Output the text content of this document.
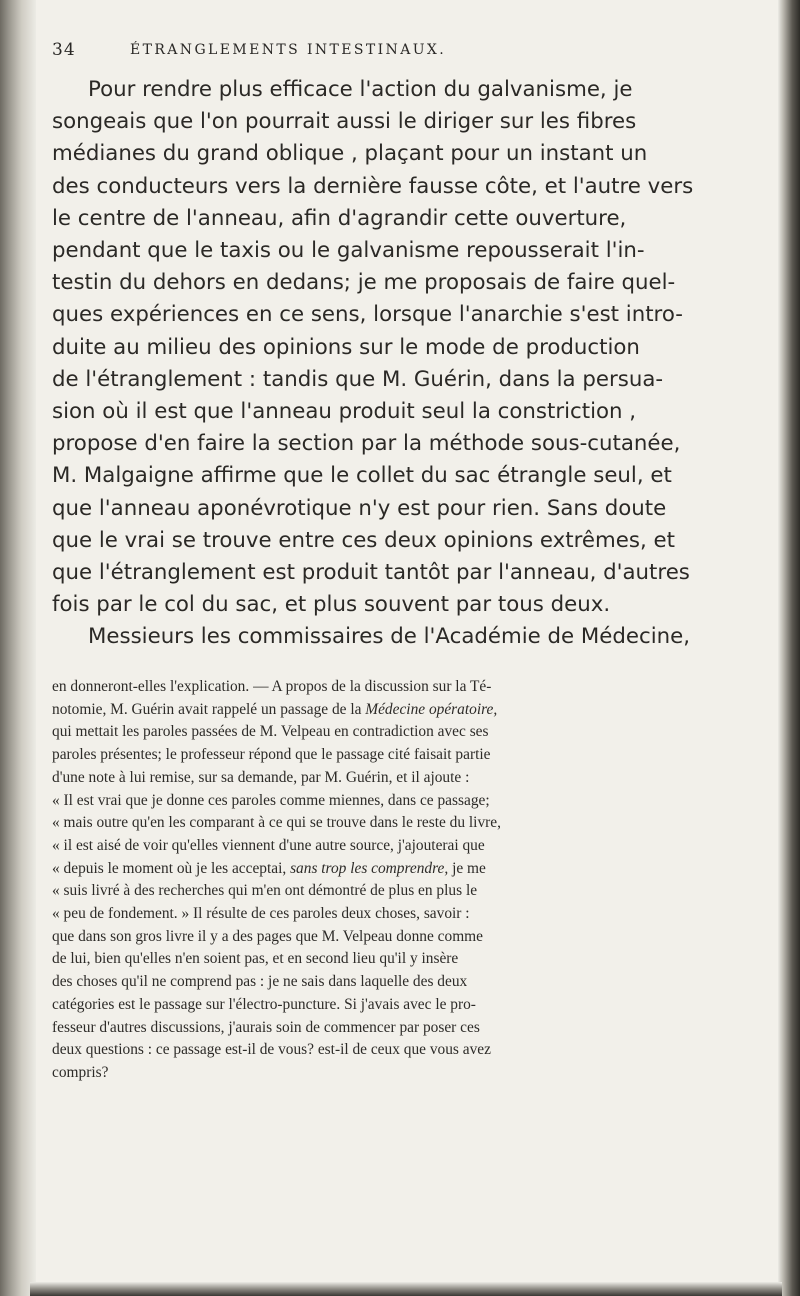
34	ÉTRANGLEMENTS INTESTINAUX.
Pour rendre plus efficace l'action du galvanisme, je
songeais que l'on pourrait aussi le diriger sur les fibres
médianes du grand oblique , plaçant pour un instant un
des conducteurs vers la dernière fausse côte, et l'autre vers
le centre de l'anneau, afin d'agrandir cette ouverture,
pendant que le taxis ou le galvanisme repousserait l'in-
testin du dehors en dedans; je me proposais de faire quel-
ques expériences en ce sens, lorsque l'anarchie s'est intro-
duite au milieu des opinions sur le mode de production
de l'étranglement : tandis que M. Guérin, dans la persua-
sion où il est que l'anneau produit seul la constriction ,
propose d'en faire la section par la méthode sous-cutanée,
M. Malgaigne affirme que le collet du sac étrangle seul, et
que l'anneau aponévrotique n'y est pour rien. Sans doute
que le vrai se trouve entre ces deux opinions extrêmes, et
que l'étranglement est produit tantôt par l'anneau, d'autres
fois par le col du sac, et plus souvent par tous deux.
Messieurs les commissaires de l'Académie de Médecine,
en donneront-elles l'explication. — A propos de la discussion sur la Té-
notomie, M. Guérin avait rappelé un passage de la Médecine opératoire,
qui mettait les paroles passées de M. Velpeau en contradiction avec ses
paroles présentes; le professeur répond que le passage cité faisait partie
d'une note à lui remise, sur sa demande, par M. Guérin, et il ajoute :
« Il est vrai que je donne ces paroles comme miennes, dans ce passage;
« mais outre qu'en les comparant à ce qui se trouve dans le reste du livre,
« il est aisé de voir qu'elles viennent d'une autre source, j'ajouterai que
« depuis le moment où je les acceptai, sans trop les comprendre, je me
« suis livré à des recherches qui m'en ont démontré de plus en plus le
« peu de fondement. » Il résulte de ces paroles deux choses, savoir :
que dans son gros livre il y a des pages que M. Velpeau donne comme
de lui, bien qu'elles n'en soient pas, et en second lieu qu'il y insère
des choses qu'il ne comprend pas : je ne sais dans laquelle des deux
catégories est le passage sur l'électro-puncture. Si j'avais avec le pro-
fesseur d'autres discussions, j'aurais soin de commencer par poser ces
deux questions : ce passage est-il de vous? est-il de ceux que vous avez
compris?
